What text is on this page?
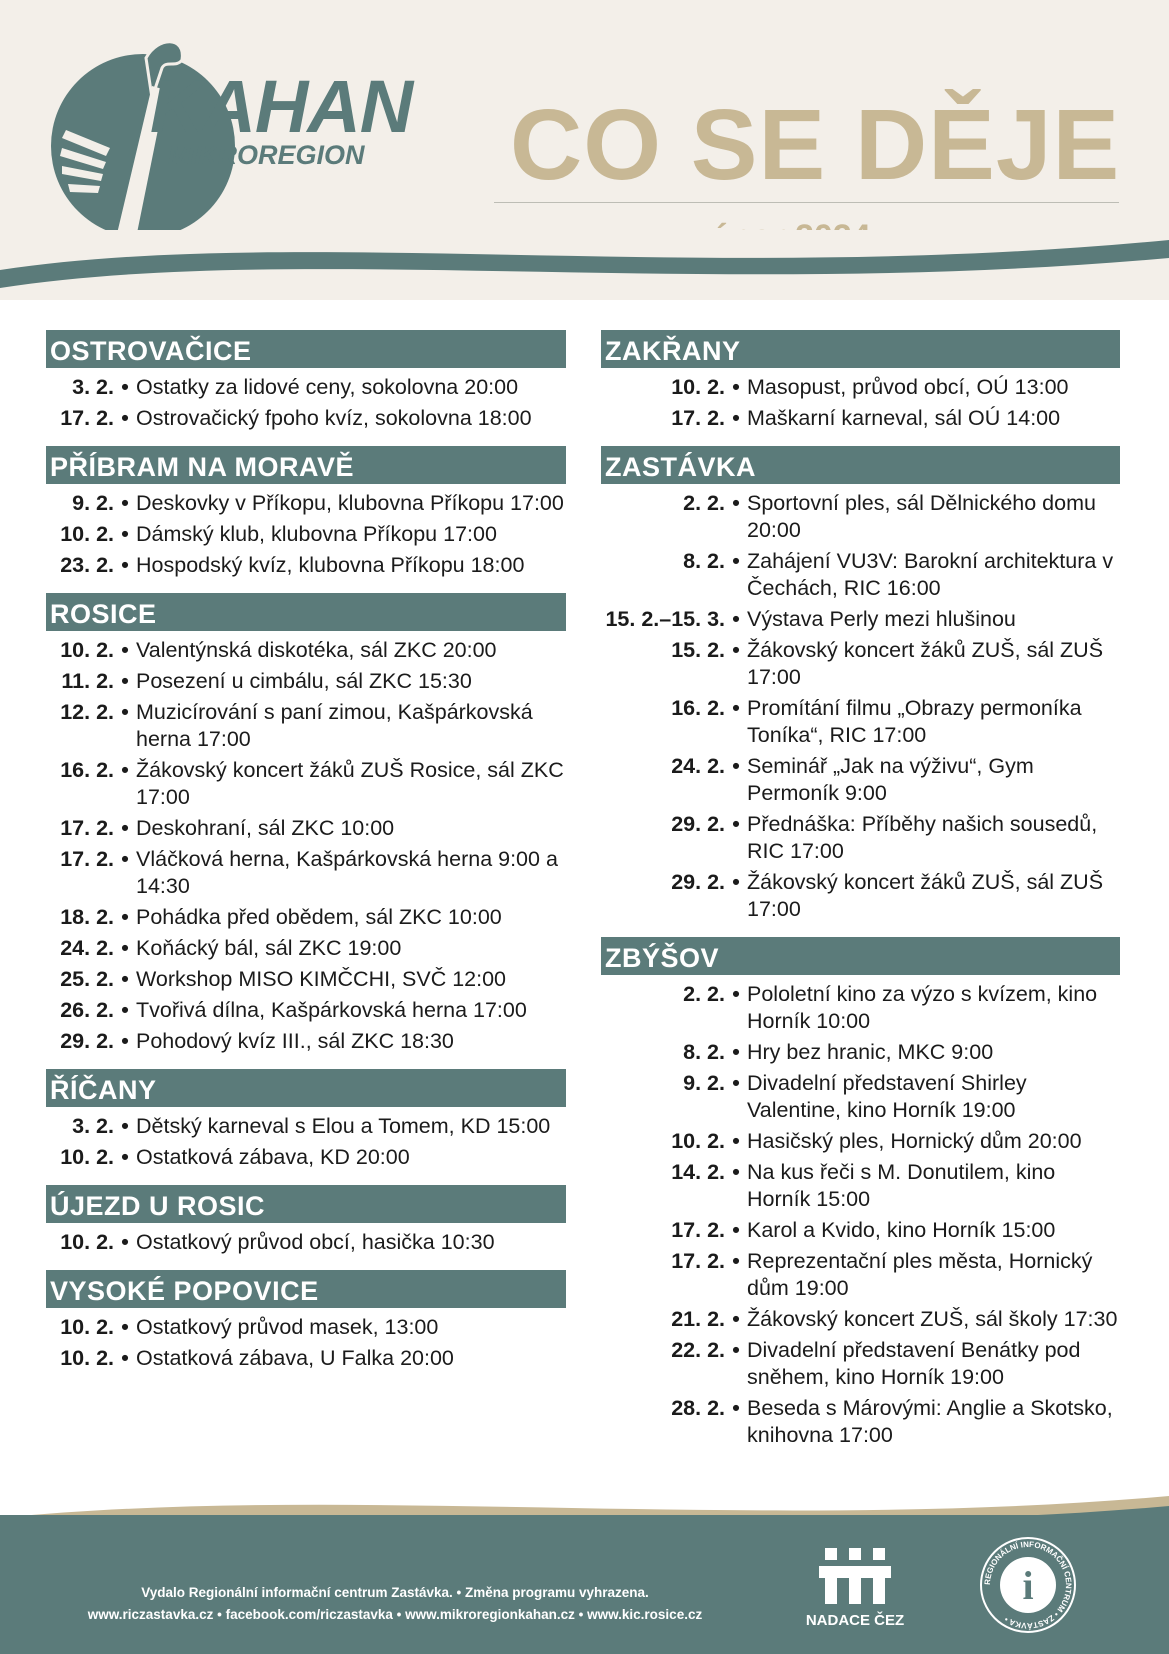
KAHAN
MIKROREGION CO SE DĚJE
OSTROVAČICE
3. 2. • Ostatky za lidové ceny, sokolovna 20:00
17. 2. • Ostrovačický fpoho kvíz, sokolovna 18:00
PŘÍBRAM NA MORAVĚ
9. 2. • Deskovky v Příkopu, klubovna Příkopu 17:00
10. 2. • Dámský klub, klubovna Příkopu 17:00
23. 2. • Hospodský kvíz, klubovna Příkopu 18:00
ROSICE
10. 2. • Valentýnská diskotéka, sál ZKC 20:00
11. 2. • Posezení u cimbálu, sál ZKC 15:30
12. 2. • Muzicírování s paní zimou, Kašpárkovská herna 17:00
16. 2. • Žákovský koncert žáků ZUŠ Rosice, sál ZKC 17:00
17. 2. • Deskohraní, sál ZKC 10:00
17. 2. • Vláčková herna, Kašpárkovská herna 9:00 a 14:30
18. 2. • Pohádka před obědem, sál ZKC 10:00
24. 2. • Koňácký bál, sál ZKC 19:00
25. 2. • Workshop MISO KIMČCHI, SVČ 12:00
26. 2. • Tvořivá dílna, Kašpárkovská herna 17:00
29. 2. • Pohodový kvíz III., sál ZKC 18:30
ŘÍČANY
3. 2. • Dětský karneval s Elou a Tomem, KD 15:00
10. 2. • Ostatková zábava, KD 20:00
ÚJEZD U ROSIC
10. 2. • Ostatkový průvod obcí, hasička 10:30
VYSOKÉ POPOVICE
10. 2. • Ostatkový průvod masek, 13:00
10. 2. • Ostatková zábava, U Falka 20:00
ZAKŘANY
10. 2. • Masopust, průvod obcí, OÚ 13:00
17. 2. • Maškarní karneval, sál OÚ 14:00
ZASTÁVKA
2. 2. • Sportovní ples, sál Dělnického domu 20:00
8. 2. • Zahájení VU3V: Barokní architektura v Čechách, RIC 16:00
15. 2.–15. 3. • Výstava Perly mezi hlušinou
15. 2. • Žákovský koncert žáků ZUŠ, sál ZUŠ 17:00
16. 2. • Promítání filmu „Obrazy permoníka Toníka“, RIC 17:00
24. 2. • Seminář „Jak na výživu“, Gym Permoník 9:00
29. 2. • Přednáška: Příběhy našich sousedů, RIC 17:00
29. 2. • Žákovský koncert žáků ZUŠ, sál ZUŠ 17:00
ZBÝŠOV
2. 2. • Pololetní kino za výzo s kvízem, kino Horník 10:00
8. 2. • Hry bez hranic, MKC 9:00
9. 2. • Divadelní představení Shirley Valentine, kino Horník 19:00
10. 2. • Hasičský ples, Hornický dům 20:00
14. 2. • Na kus řeči s M. Donutilem, kino Horník 15:00
17. 2. • Karol a Kvido, kino Horník 15:00
17. 2. • Reprezentační ples města, Hornický dům 19:00
21. 2. • Žákovský koncert ZUŠ, sál školy 17:30
22. 2. • Divadelní představení Benátky pod sněhem, kino Horník 19:00
28. 2. • Beseda s Márovými: Anglie a Skotsko, knihovna 17:00
Vydalo Regionální informační centrum Zastávka. • Změna programu vyhrazena.
www.riczastavka.cz • facebook.com/riczastavka • www.mikroregionkahan.cz • www.kic.rosice.cz	NADACE ČEZ
REGIONÁLNÍ INFORMAČNÍ CENTRUM • ZASTÁVKA •
i
